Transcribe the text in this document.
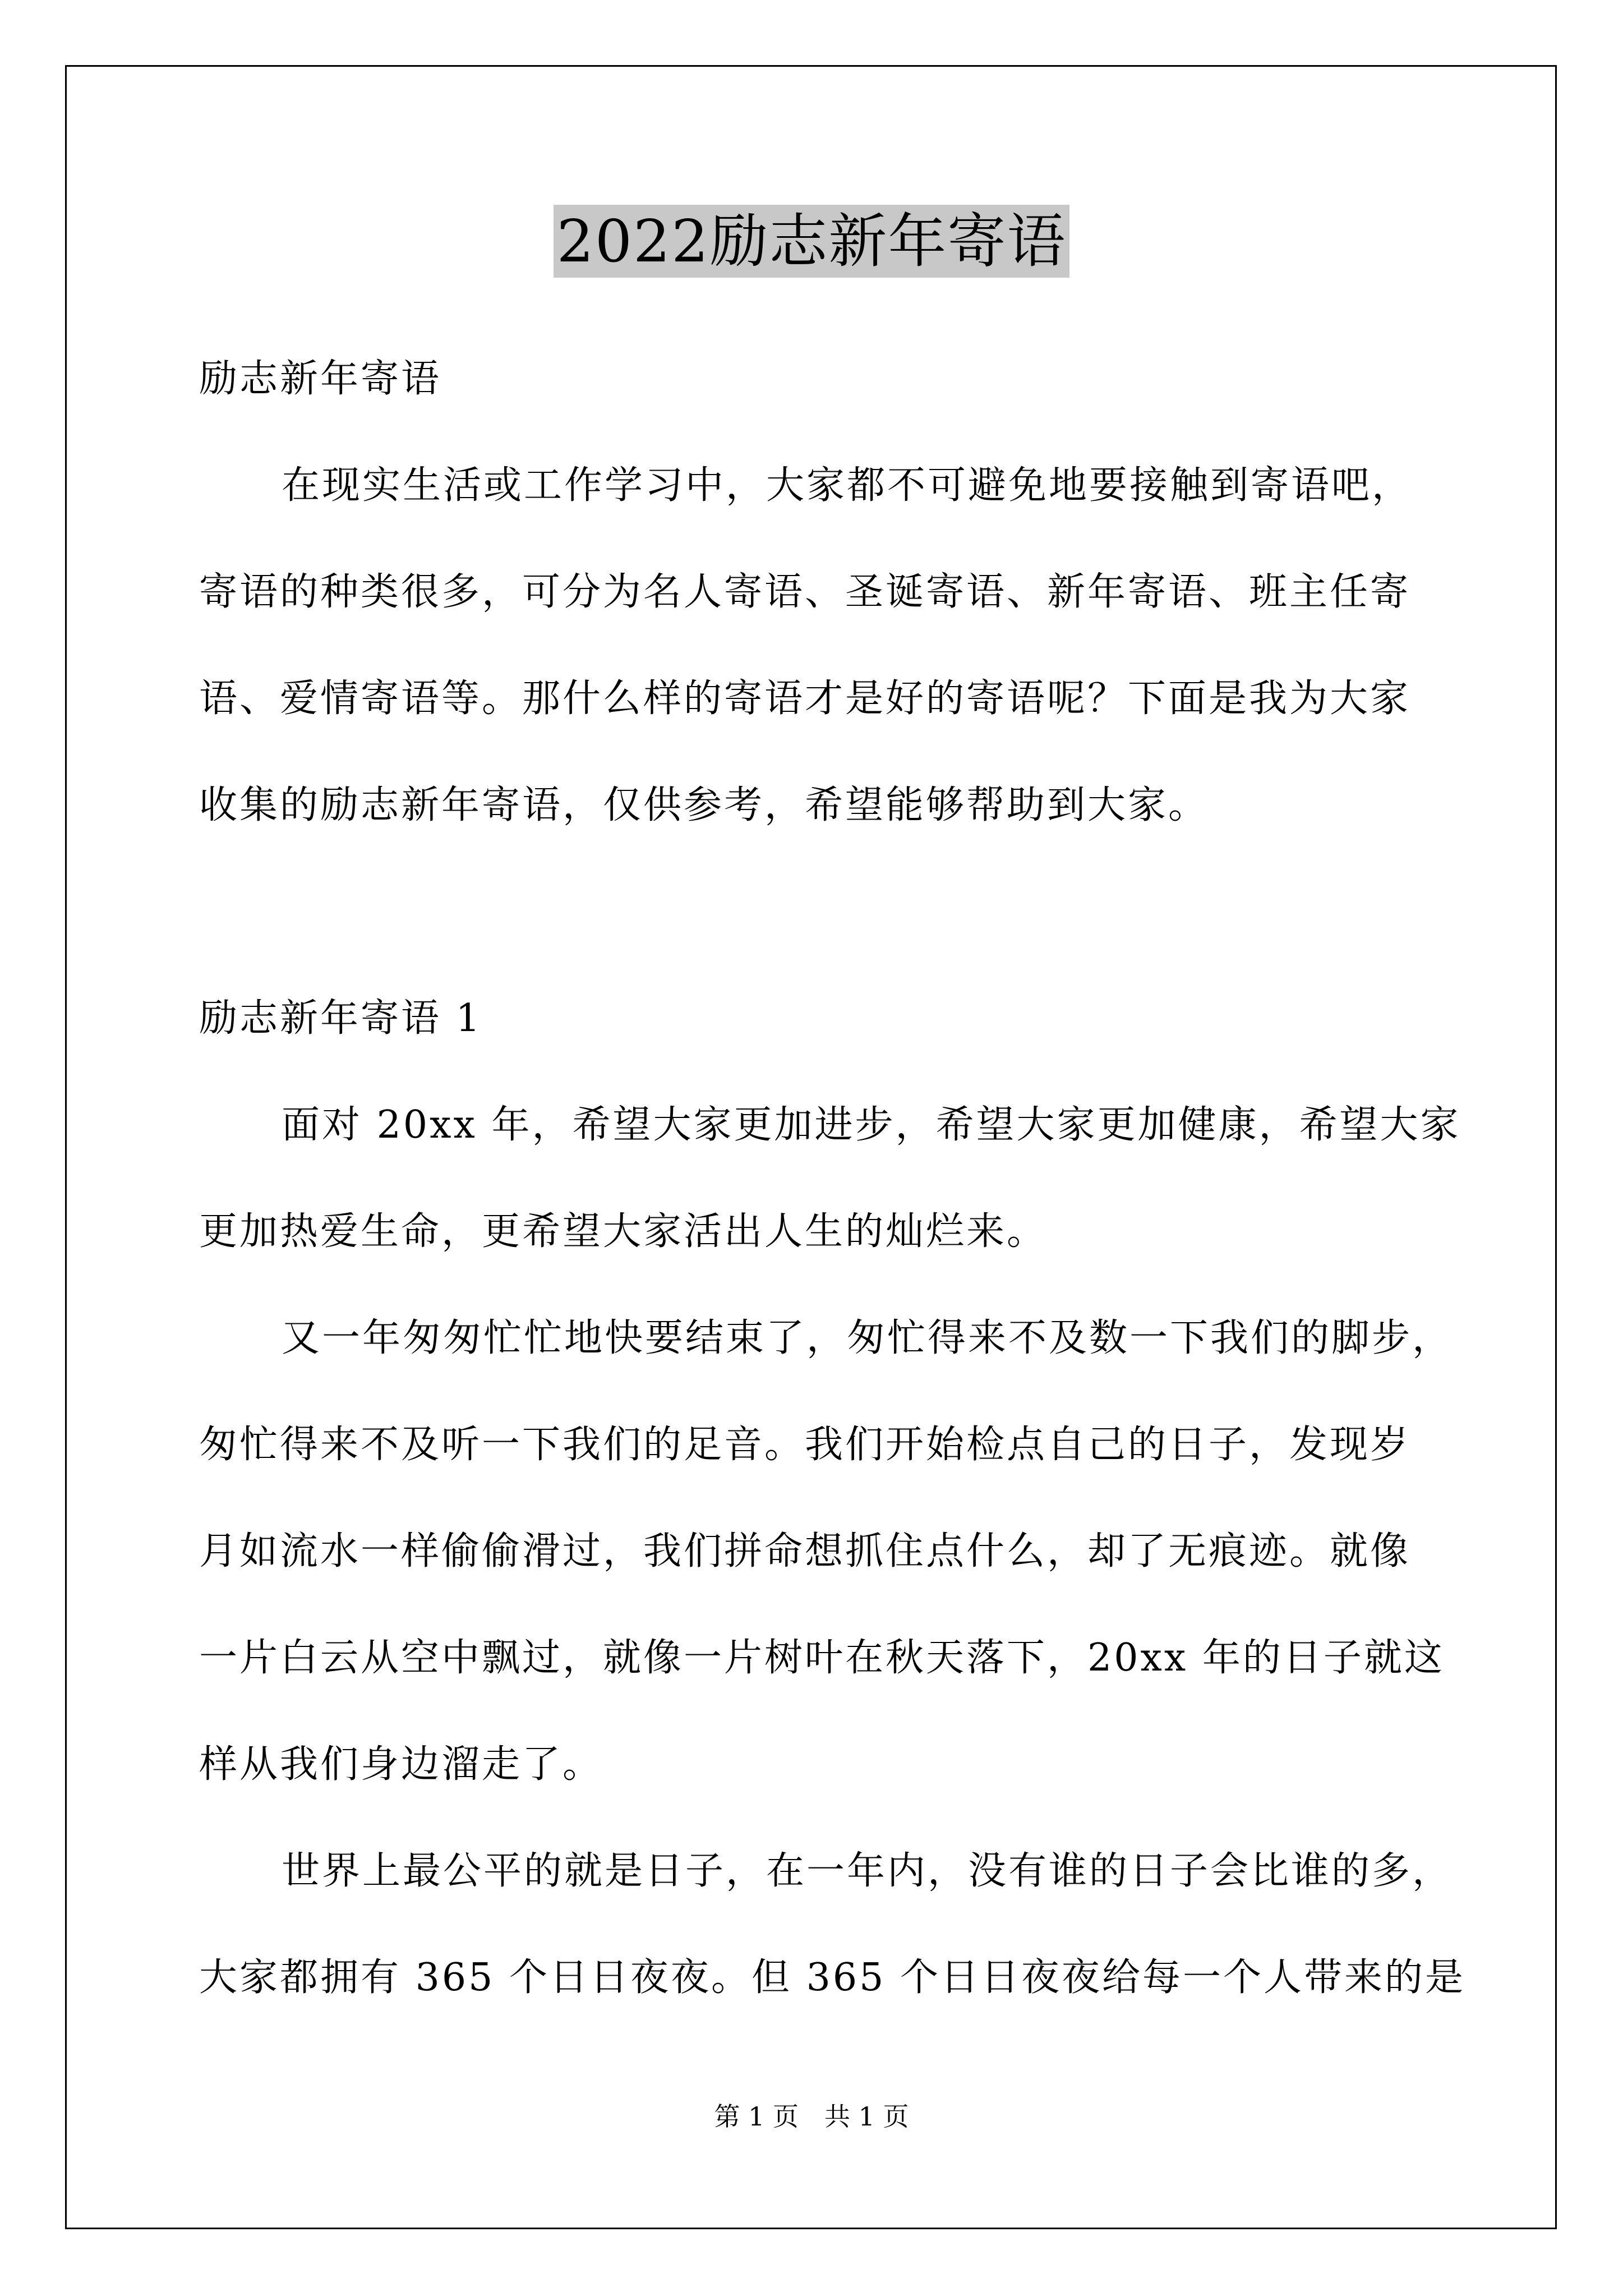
2022励志新年寄语
励志新年寄语
在现实生活或工作学习中，大家都不可避免地要接触到寄语吧，
寄语的种类很多，可分为名人寄语、圣诞寄语、新年寄语、班主任寄
语、爱情寄语等。那什么样的寄语才是好的寄语呢？下面是我为大家
收集的励志新年寄语，仅供参考，希望能够帮助到大家。
励志新年寄语 1
面对 20xx 年，希望大家更加进步，希望大家更加健康，希望大家
更加热爱生命，更希望大家活出人生的灿烂来。
又一年匆匆忙忙地快要结束了，匆忙得来不及数一下我们的脚步，
匆忙得来不及听一下我们的足音。我们开始检点自己的日子，发现岁
月如流水一样偷偷滑过，我们拼命想抓住点什么，却了无痕迹。就像
一片白云从空中飘过，就像一片树叶在秋天落下，20xx 年的日子就这
样从我们身边溜走了。
世界上最公平的就是日子，在一年内，没有谁的日子会比谁的多，
大家都拥有 365 个日日夜夜。但 365 个日日夜夜给每一个人带来的是
第 1 页　共 1 页
